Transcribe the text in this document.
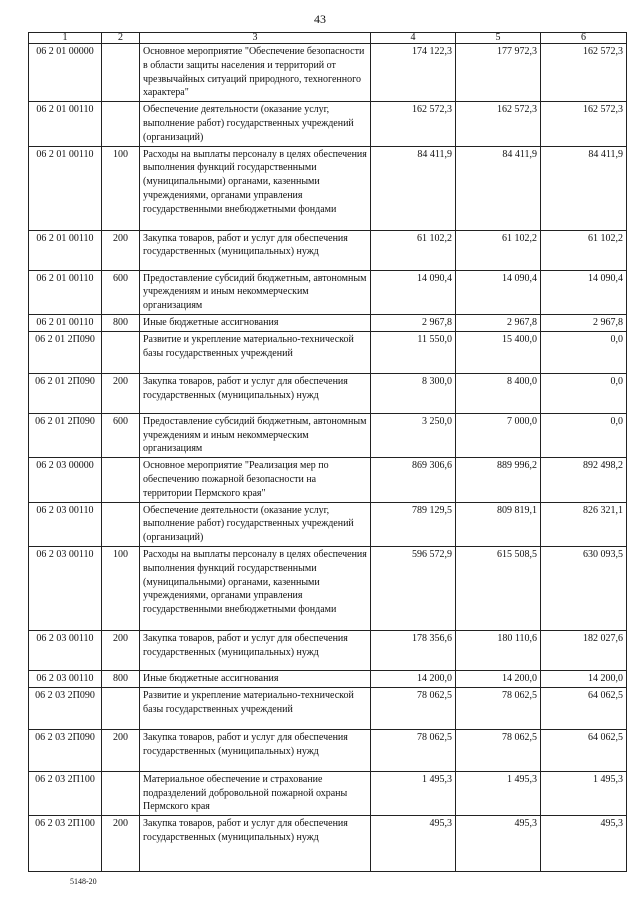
43
1	2	3	4	5	6
06 2 01 00000		Основное мероприятие "Обеспечение безопасности в области защиты населения и территорий от чрезвычайных ситуаций природного, техногенного характера"	174 122,3	177 972,3	162 572,3
06 2 01 00110		Обеспечение деятельности (оказание услуг, выполнение работ) государственных учреждений (организаций)	162 572,3	162 572,3	162 572,3
06 2 01 00110	100	Расходы на выплаты персоналу в целях обеспечения выполнения функций государственными (муниципальными) органами, казенными учреждениями, органами управления государственными внебюджетными фондами	84 411,9	84 411,9	84 411,9
06 2 01 00110	200	Закупка товаров, работ и услуг для обеспечения государственных (муниципальных) нужд	61 102,2	61 102,2	61 102,2
06 2 01 00110	600	Предоставление субсидий бюджетным, автономным учреждениям и иным некоммерческим организациям	14 090,4	14 090,4	14 090,4
06 2 01 00110	800	Иные бюджетные ассигнования	2 967,8	2 967,8	2 967,8
06 2 01 2П090		Развитие и укрепление материально-технической базы государственных учреждений	11 550,0	15 400,0	0,0
06 2 01 2П090	200	Закупка товаров, работ и услуг для обеспечения государственных (муниципальных) нужд	8 300,0	8 400,0	0,0
06 2 01 2П090	600	Предоставление субсидий бюджетным, автономным учреждениям и иным некоммерческим организациям	3 250,0	7 000,0	0,0
06 2 03 00000		Основное мероприятие "Реализация мер по обеспечению пожарной безопасности на территории Пермского края"	869 306,6	889 996,2	892 498,2
06 2 03 00110		Обеспечение деятельности (оказание услуг, выполнение работ) государственных учреждений (организаций)	789 129,5	809 819,1	826 321,1
06 2 03 00110	100	Расходы на выплаты персоналу в целях обеспечения выполнения функций государственными (муниципальными) органами, казенными учреждениями, органами управления государственными внебюджетными фондами	596 572,9	615 508,5	630 093,5
06 2 03 00110	200	Закупка товаров, работ и услуг для обеспечения государственных (муниципальных) нужд	178 356,6	180 110,6	182 027,6
06 2 03 00110	800	Иные бюджетные ассигнования	14 200,0	14 200,0	14 200,0
06 2 03 2П090		Развитие и укрепление материально-технической базы государственных учреждений	78 062,5	78 062,5	64 062,5
06 2 03 2П090	200	Закупка товаров, работ и услуг для обеспечения государственных (муниципальных) нужд	78 062,5	78 062,5	64 062,5
06 2 03 2П100		Материальное обеспечение и страхование подразделений добровольной пожарной охраны Пермского края	1 495,3	1 495,3	1 495,3
06 2 03 2П100	200	Закупка товаров, работ и услуг для обеспечения государственных (муниципальных) нужд	495,3	495,3	495,3
5148-20
